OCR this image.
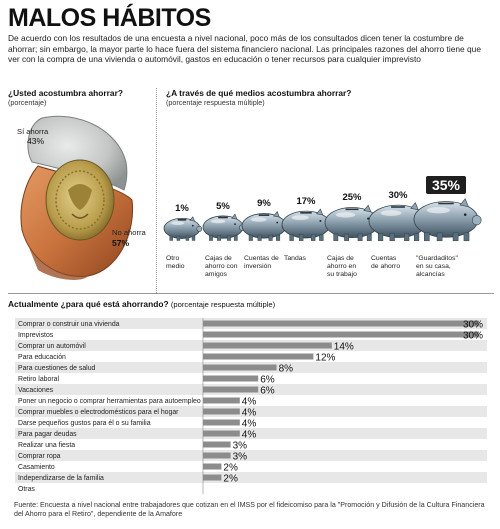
MALOS HÁBITOS
De acuerdo con los resultados de una encuesta a nivel nacional, poco más de los consultados dicen tener la costumbre de ahorrar; sin embargo, la mayor parte lo hace fuera del sistema financiero nacional. Las principales razones del ahorro tiene que ver con la compra de una vivienda o automóvil, gastos en educación o tener recursos para cualquier imprevisto
¿Usted acostumbra ahorrar?
(porcentaje)
Sí ahorra
43%
No ahorra
57%
¿A través de qué medios acostumbra ahorrar?
(porcentaje respuesta múltiple)
Actualmente ¿para qué está ahorrando? (porcentaje respuesta múltiple)
Comprar o construir una vivienda	30%
Imprevistos	30%
Comprar un automóvil	14%
Para educación	12%
Para cuestiones de salud	8%
Retiro laboral	6%
Vacaciones	6%
Poner un negocio o comprar herramientas para autoempleo	4%
Comprar muebles o electrodomésticos para el hogar	4%
Darse pequeños gustos para él o su familia	4%
Para pagar deudas	4%
Realizar una fiesta	3%
Comprar ropa	3%
Casamiento	2%
Independizarse de la familia	2%
Otras
Fuente: Encuesta a nivel nacional entre trabajadores que cotizan en el IMSS por el fideicomiso para la "Promoción y Difusión de la Cultura Financiera del Ahorro para el Retiro", dependiente de la Amafore
1%
Otro
medio
5%
Cajas de
ahorro con
amigos
9%
Cuentas de
inversión
17%
Tandas
25%
Cajas de
ahorro en
su trabajo
30%
Cuentas
de ahorro
35%
"Guardaditos"
en su casa,
alcancías
